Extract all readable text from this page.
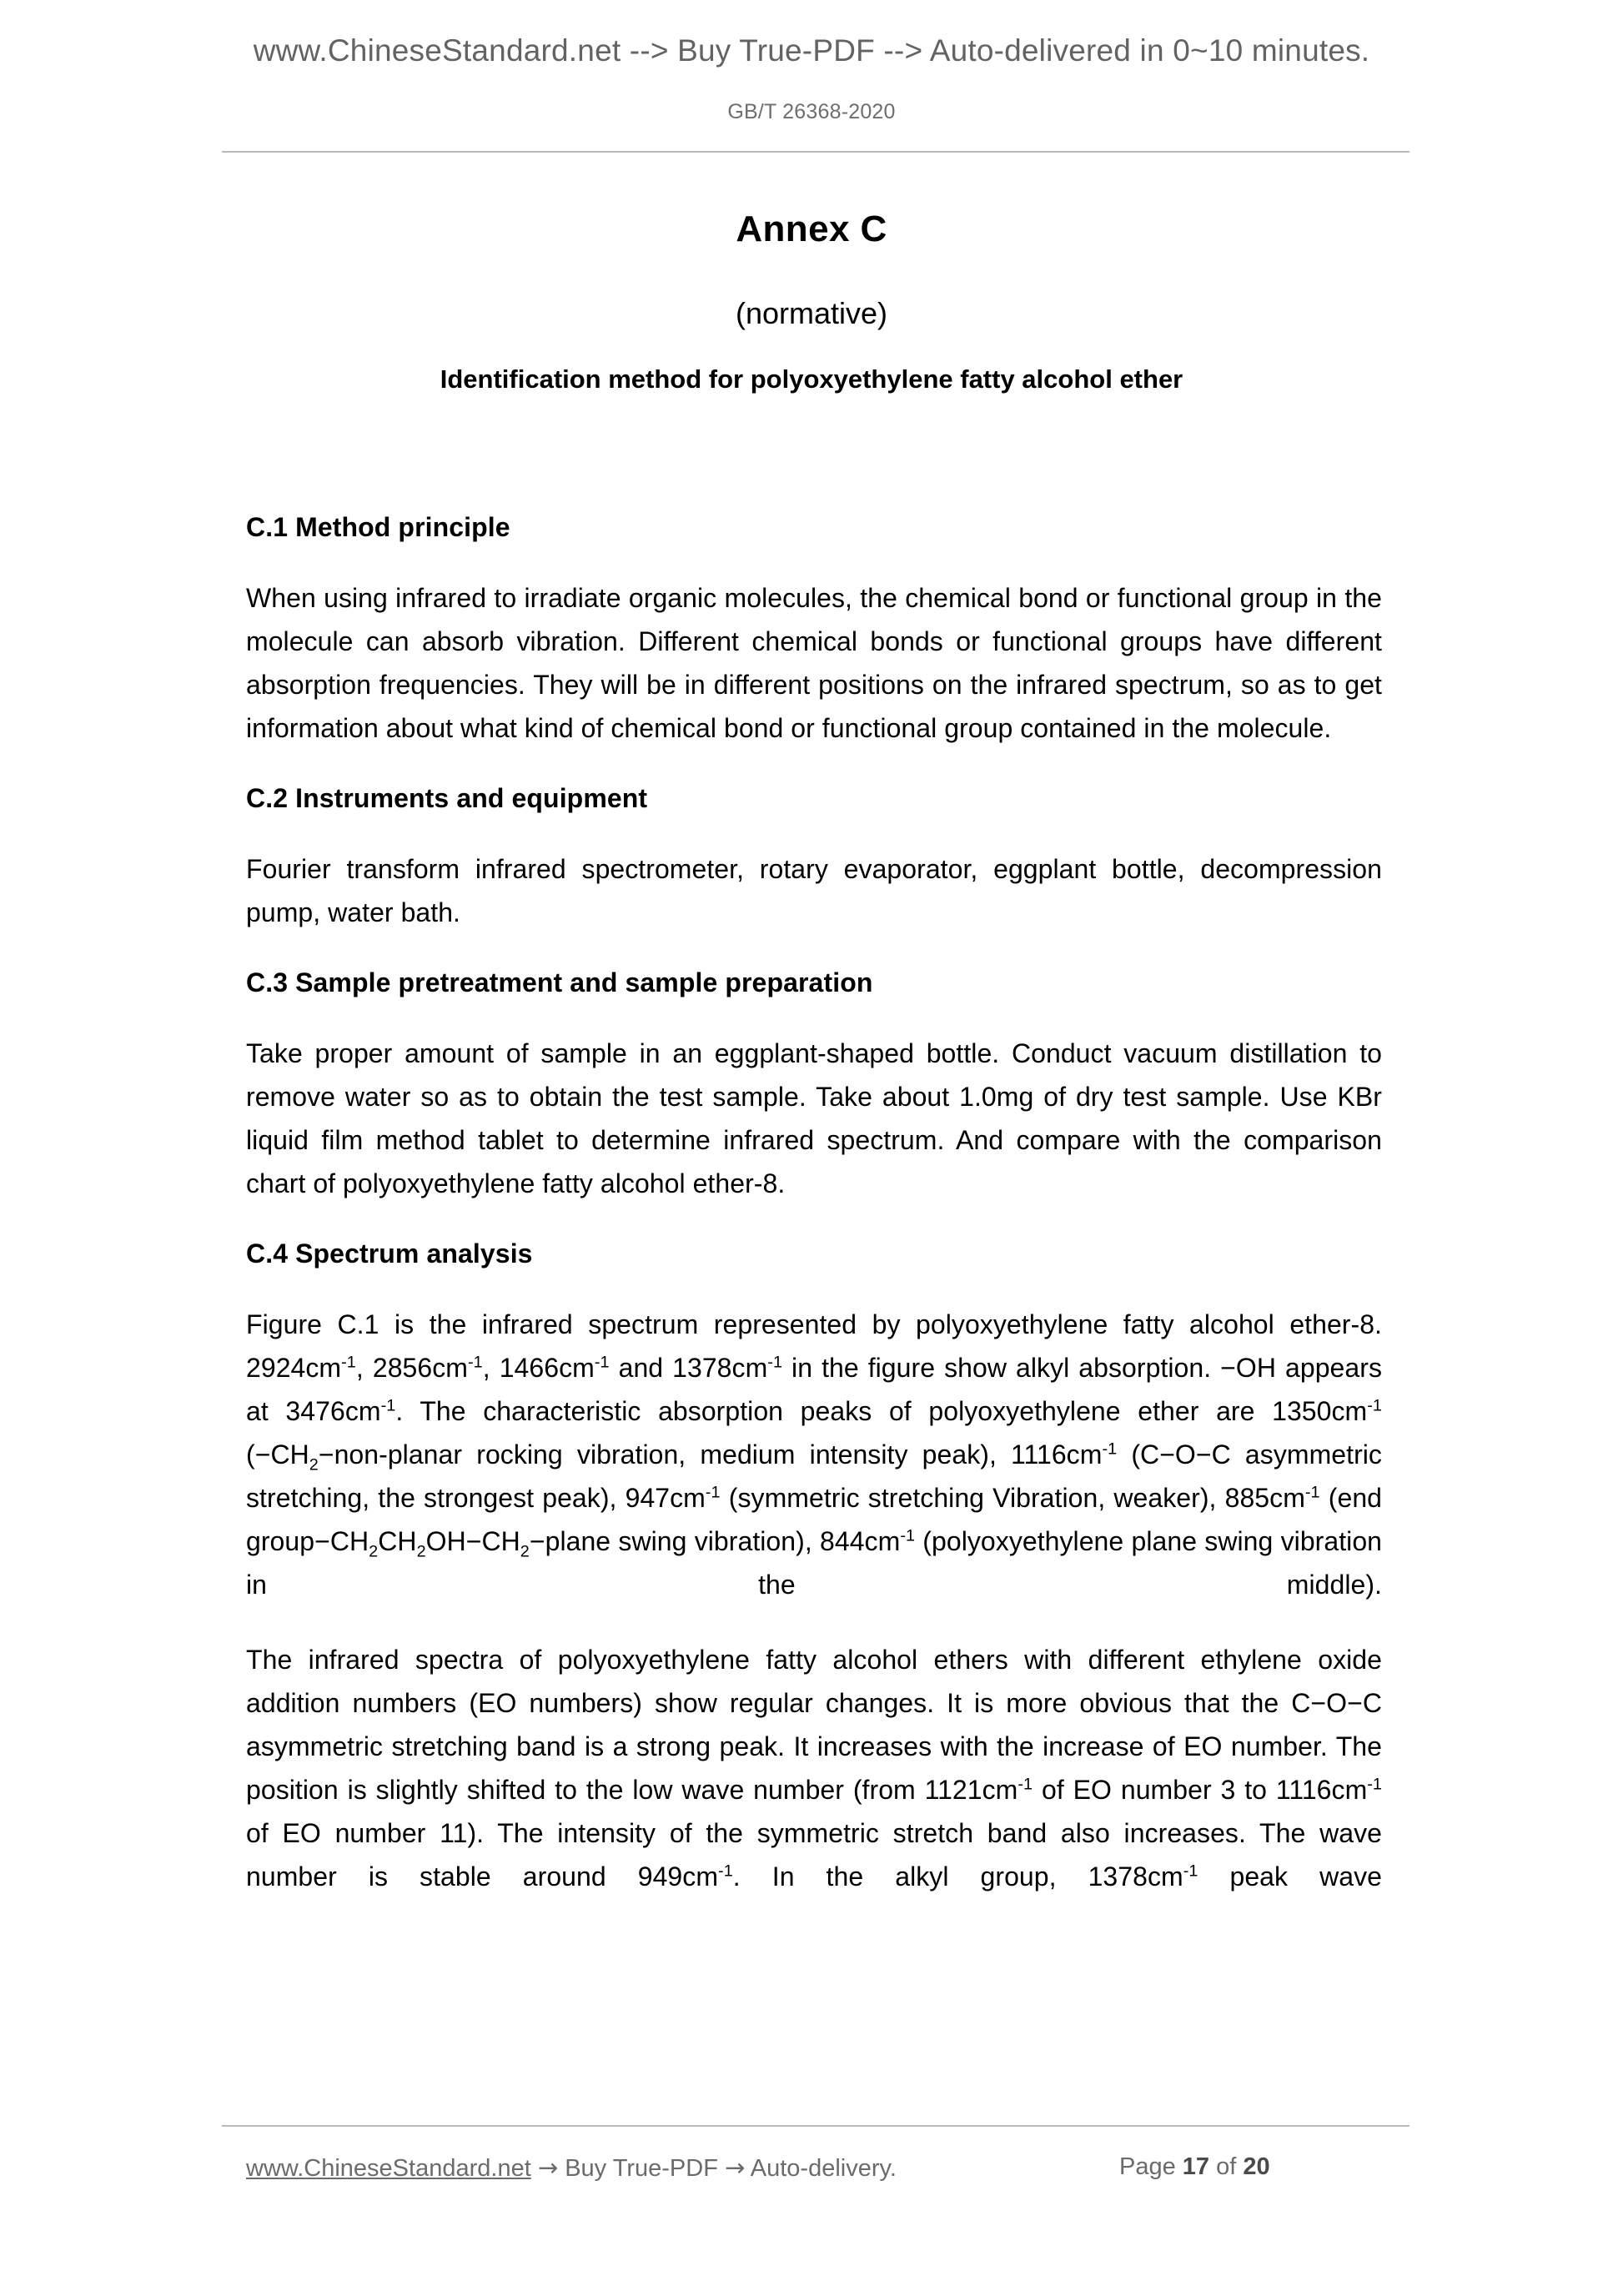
www.ChineseStandard.net --> Buy True-PDF --> Auto-delivered in 0~10 minutes.
GB/T 26368-2020
Annex C
(normative)
Identification method for polyoxyethylene fatty alcohol ether
C.1 Method principle

When using infrared to irradiate organic molecules, the chemical bond or functional group in the molecule can absorb vibration. Different chemical bonds or functional groups have different absorption frequencies. They will be in different positions on the infrared spectrum, so as to get information about what kind of chemical bond or functional group contained in the molecule.

C.2 Instruments and equipment

Fourier transform infrared spectrometer, rotary evaporator, eggplant bottle, decompression pump, water bath.

C.3 Sample pretreatment and sample preparation

Take proper amount of sample in an eggplant-shaped bottle. Conduct vacuum distillation to remove water so as to obtain the test sample. Take about 1.0mg of dry test sample. Use KBr liquid film method tablet to determine infrared spectrum. And compare with the comparison chart of polyoxyethylene fatty alcohol ether-8.

C.4 Spectrum analysis

Figure C.1 is the infrared spectrum represented by polyoxyethylene fatty alcohol ether-8. $2924cm^{-1}$, $2856cm^{-1}$, $1466cm^{-1}$ and $1378cm^{-1}$ in the figure show alkyl absorption. −OH appears at $3476cm^{-1}$. The characteristic absorption peaks of polyoxyethylene ether are $1350cm^{-1}$ ($-CH_2-non$-planar rocking vibration, medium intensity peak), $1116cm^{-1}$ (C−O−C asymmetric stretching, the strongest peak), $947cm^{-1}$ (symmetric stretching Vibration, weaker), $885cm^{-1}$ (end $group-CH_2CH_2OH-CH_2-plane$ swing vibration), $844cm^{-1}$ (polyoxyethylene plane swing vibration in the middle).

The infrared spectra of polyoxyethylene fatty alcohol ethers with different ethylene oxide addition numbers (EO numbers) show regular changes. It is more obvious that the C−O−C asymmetric stretching band is a strong peak. It increases with the increase of EO number. The position is slightly shifted to the low wave number (from $1121cm^{-1}$ of EO number 3 to $1116cm^{-1}$ of EO number 11). The intensity of the symmetric stretch band also increases. The wave number is stable around $949cm^{-1}$. In the alkyl group, $1378cm^{-1}$ peak wave

www.ChineseStandard.net → Buy True-PDF → Auto-delivery.	Page 17 of 20
